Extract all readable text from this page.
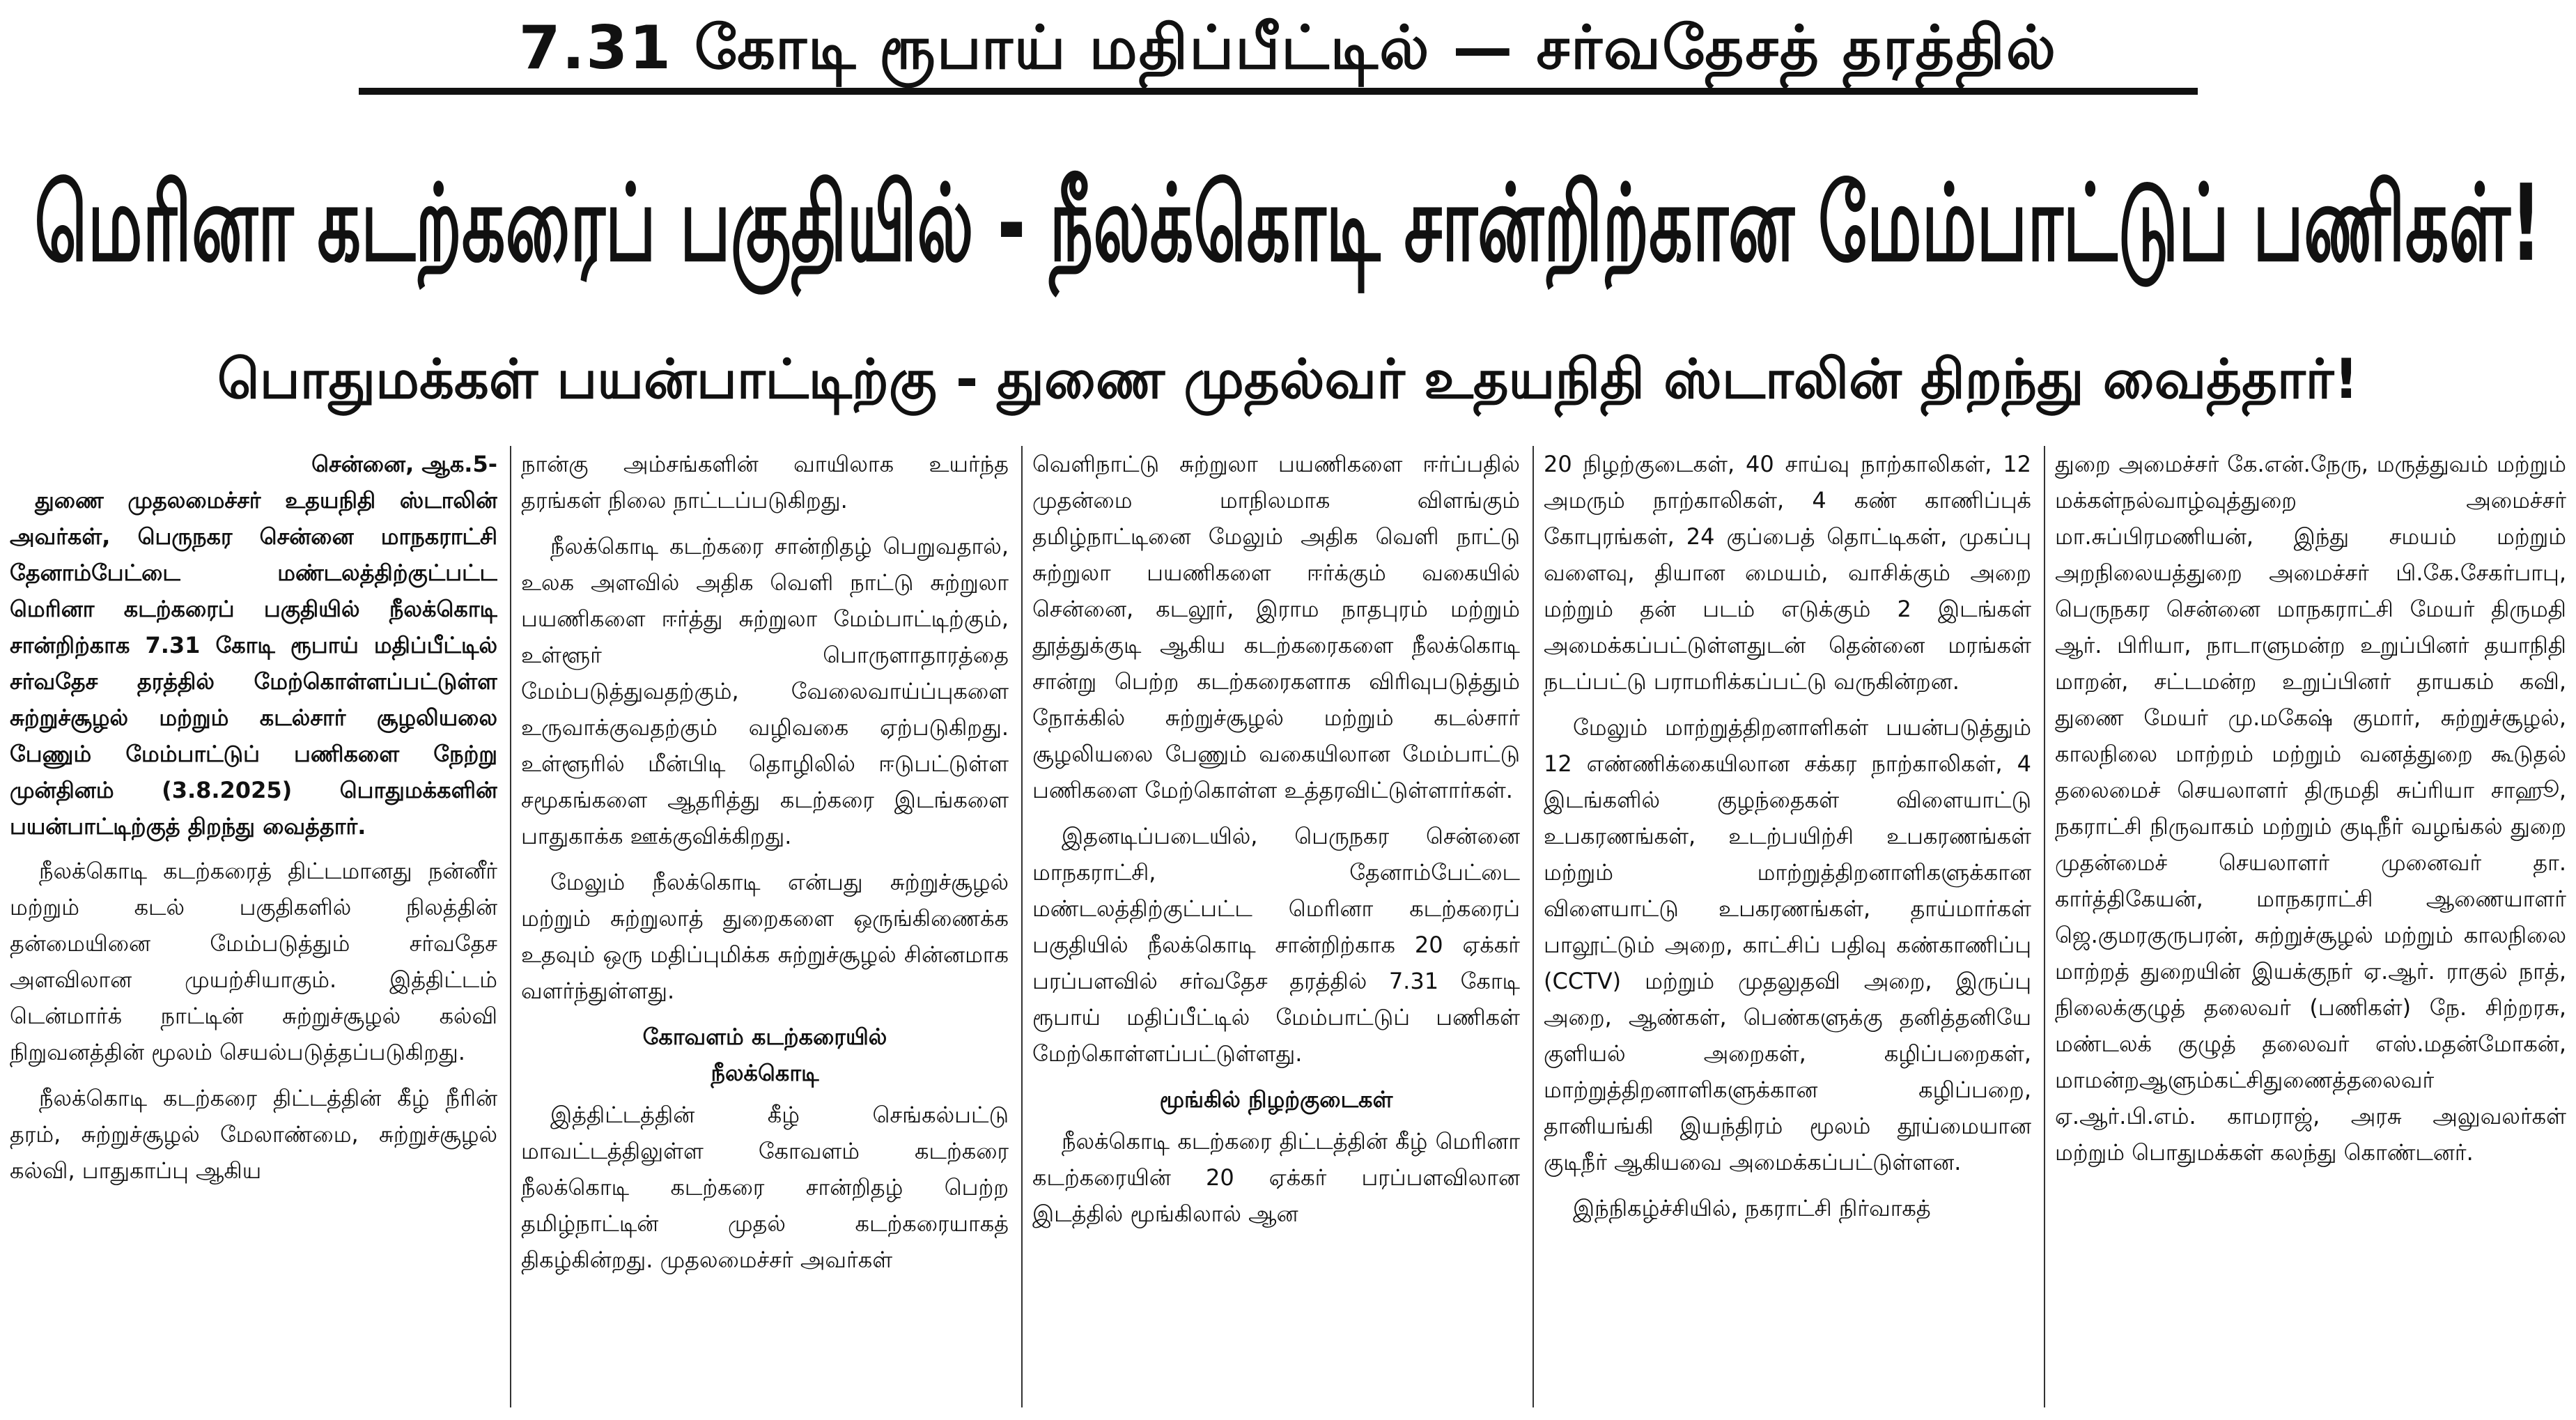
7.31 கோடி ரூபாய் மதிப்பீட்டில் — சர்வதேசத் தரத்தில்
மெரினா கடற்கரைப் பகுதியில் - நீலக்கொடி சான்றிற்கான மேம்பாட்டுப் பணிகள்!
பொதுமக்கள் பயன்பாட்டிற்கு - துணை முதல்வர் உதயநிதி ஸ்டாலின் திறந்து வைத்தார்!

சென்னை, ஆக.5-

துணை முதலமைச்சர் உதயநிதி ஸ்டாலின் அவர்கள், பெருநகர சென்னை மாநகராட்சி தேனாம்பேட்டை மண்டலத்திற்குட்பட்ட மெரினா கடற்கரைப் பகுதியில் நீலக்கொடி சான்றிற்காக 7.31 கோடி ரூபாய் மதிப்பீட்டில் சர்வதேச தரத்தில் மேற்கொள்ளப்பட்டுள்ள சுற்றுச்சூழல் மற்றும் கடல்சார் சூழலியலை பேணும் மேம்பாட்டுப் பணிகளை நேற்று முன்தினம் (3.8.2025) பொதுமக்களின் பயன்பாட்டிற்குத் திறந்து வைத்தார்.

நீலக்கொடி கடற்கரைத் திட்டமானது நன்னீர் மற்றும் கடல் பகுதிகளில் நிலத்தின் தன்மையினை மேம்படுத்தும் சர்வதேச அளவிலான முயற்சியாகும். இத்திட்டம் டென்மார்க் நாட்டின் சுற்றுச்சூழல் கல்வி நிறுவனத்தின் மூலம் செயல்படுத்தப்படுகிறது.

நீலக்கொடி கடற்கரை திட்டத்தின் கீழ் நீரின் தரம், சுற்றுச்சூழல் மேலாண்மை, சுற்றுச்சூழல் கல்வி, பாதுகாப்பு ஆகிய

நான்கு அம்சங்களின் வாயிலாக உயர்ந்த தரங்கள் நிலை நாட்டப்படுகிறது.

நீலக்கொடி கடற்கரை சான்றிதழ் பெறுவதால், உலக அளவில் அதிக வெளி நாட்டு சுற்றுலா பயணிகளை ஈர்த்து சுற்றுலா மேம்பாட்டிற்கும், உள்ளூர் பொருளாதாரத்தை மேம்படுத்துவதற்கும், வேலைவாய்ப்புகளை உருவாக்குவதற்கும் வழிவகை ஏற்படுகிறது. உள்ளூரில் மீன்பிடி தொழிலில் ஈடுபட்டுள்ள சமூகங்களை ஆதரித்து கடற்கரை இடங்களை பாதுகாக்க ஊக்குவிக்கிறது.

மேலும் நீலக்கொடி என்பது சுற்றுச்சூழல் மற்றும் சுற்றுலாத் துறைகளை ஒருங்கிணைக்க உதவும் ஒரு மதிப்புமிக்க சுற்றுச்சூழல் சின்னமாக வளர்ந்துள்ளது.

கோவளம் கடற்கரையில்
நீலக்கொடி

இத்திட்டத்தின் கீழ் செங்கல்பட்டு மாவட்டத்திலுள்ள கோவளம் கடற்கரை நீலக்கொடி கடற்கரை சான்றிதழ் பெற்ற தமிழ்நாட்டின் முதல் கடற்கரையாகத் திகழ்கின்றது. முதலமைச்சர் அவர்கள்

வெளிநாட்டு சுற்றுலா பயணிகளை ஈர்ப்பதில் முதன்மை மாநிலமாக விளங்கும் தமிழ்நாட்டினை மேலும் அதிக வெளி நாட்டு சுற்றுலா பயணிகளை ஈர்க்கும் வகையில் சென்னை, கடலூர், இராம நாதபுரம் மற்றும் தூத்துக்குடி ஆகிய கடற்கரைகளை நீலக்கொடி சான்று பெற்ற கடற்கரைகளாக விரிவுபடுத்தும் நோக்கில் சுற்றுச்சூழல் மற்றும் கடல்சார் சூழலியலை பேணும் வகையிலான மேம்பாட்டு பணிகளை மேற்கொள்ள உத்தரவிட்டுள்ளார்கள்.

இதனடிப்படையில், பெருநகர சென்னை மாநகராட்சி, தேனாம்பேட்டை மண்டலத்திற்குட்பட்ட மெரினா கடற்கரைப் பகுதியில் நீலக்கொடி சான்றிற்காக 20 ஏக்கர் பரப்பளவில் சர்வதேச தரத்தில் 7.31 கோடி ரூபாய் மதிப்பீட்டில் மேம்பாட்டுப் பணிகள் மேற்கொள்ளப்பட்டுள்ளது.

மூங்கில் நிழற்குடைகள்

நீலக்கொடி கடற்கரை திட்டத்தின் கீழ் மெரினா கடற்கரையின் 20 ஏக்கர் பரப்பளவிலான இடத்தில் மூங்கிலால் ஆன

20 நிழற்குடைகள், 40 சாய்வு நாற்காலிகள், 12 அமரும் நாற்காலிகள், 4 கண் காணிப்புக் கோபுரங்கள், 24 குப்பைத் தொட்டிகள், முகப்பு வளைவு, தியான மையம், வாசிக்கும் அறை மற்றும் தன் படம் எடுக்கும் 2 இடங்கள் அமைக்கப்பட்டுள்ளதுடன் தென்னை மரங்கள் நடப்பட்டு பராமரிக்கப்பட்டு வருகின்றன.

மேலும் மாற்றுத்திறனாளிகள் பயன்படுத்தும் 12 எண்ணிக்கையிலான சக்கர நாற்காலிகள், 4 இடங்களில் குழந்தைகள் விளையாட்டு உபகரணங்கள், உடற்பயிற்சி உபகரணங்கள் மற்றும் மாற்றுத்திறனாளிகளுக்கான விளையாட்டு உபகரணங்கள், தாய்மார்கள் பாலூட்டும் அறை, காட்சிப் பதிவு கண்காணிப்பு (CCTV) மற்றும் முதலுதவி அறை, இருப்பு அறை, ஆண்கள், பெண்களுக்கு தனித்தனியே குளியல் அறைகள், கழிப்பறைகள், மாற்றுத்திறனாளிகளுக்கான கழிப்பறை, தானியங்கி இயந்திரம் மூலம் தூய்மையான குடிநீர் ஆகியவை அமைக்கப்பட்டுள்ளன.

இந்நிகழ்ச்சியில், நகராட்சி நிர்வாகத்

துறை அமைச்சர் கே.என்.நேரு, மருத்துவம் மற்றும் மக்கள்நல்வாழ்வுத்துறை அமைச்சர் மா.சுப்பிரமணியன், இந்து சமயம் மற்றும் அறநிலையத்துறை அமைச்சர் பி.கே.சேகர்பாபு, பெருநகர சென்னை மாநகராட்சி மேயர் திருமதி ஆர். பிரியா, நாடாளுமன்ற உறுப்பினர் தயாநிதி மாறன், சட்டமன்ற உறுப்பினர் தாயகம் கவி, துணை மேயர் மு.மகேஷ் குமார், சுற்றுச்சூழல், காலநிலை மாற்றம் மற்றும் வனத்துறை கூடுதல் தலைமைச் செயலாளர் திருமதி சுப்ரியா சாஹூ, நகராட்சி நிருவாகம் மற்றும் குடிநீர் வழங்கல் துறை முதன்மைச் செயலாளர் முனைவர் தா. கார்த்திகேயன், மாநகராட்சி ஆணையாளர் ஜெ.குமரகுருபரன், சுற்றுச்சூழல் மற்றும் காலநிலை மாற்றத் துறையின் இயக்குநர் ஏ.ஆர். ராகுல் நாத், நிலைக்குழுத் தலைவர் (பணிகள்) நே. சிற்றரசு, மண்டலக் குழுத் தலைவர் எஸ்.மதன்மோகன், மாமன்றஆளும்கட்சிதுணைத்தலைவர் ஏ.ஆர்.பி.எம். காமராஜ், அரசு அலுவலர்கள் மற்றும் பொதுமக்கள் கலந்து கொண்டனர்.
